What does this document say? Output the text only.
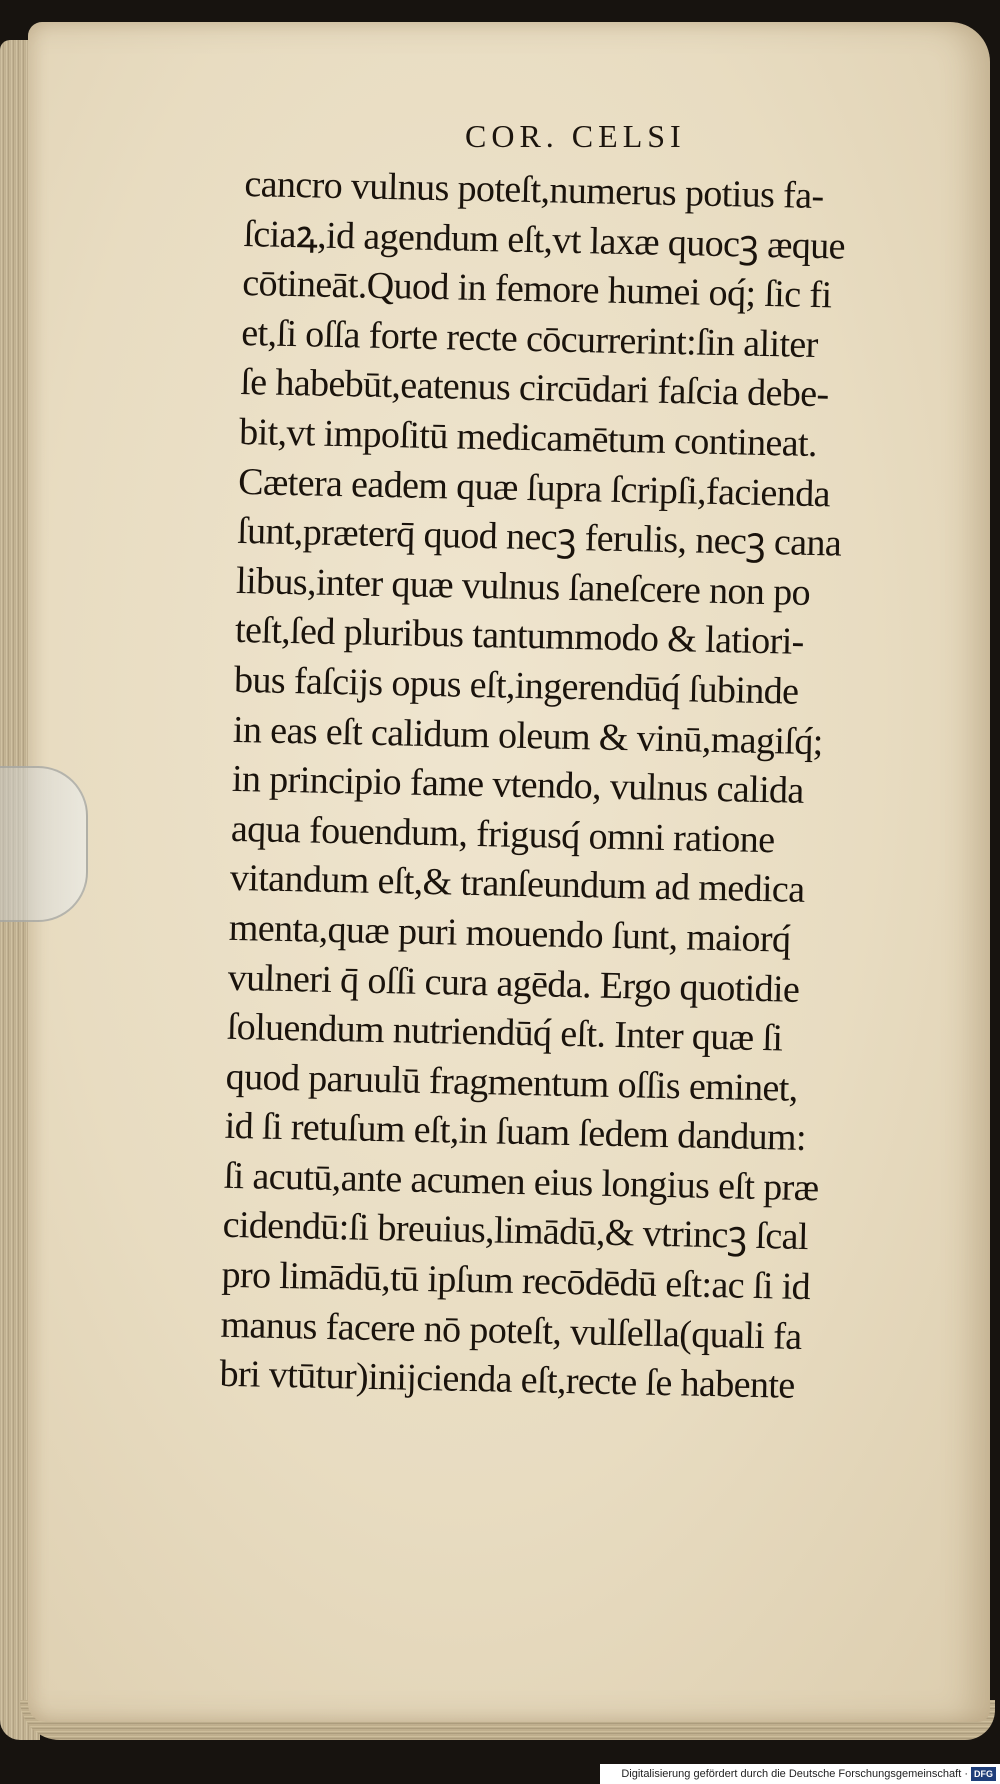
COR. CELSI
cancro vulnus poteſt,numerus potius fa-
ſciaꝝ,id agendum eſt,vt laxæ quocꝫ æque
cōtineāt.Quod in femore humei oq́; ſic fi
et,ſi oſſa forte recte cōcurrerint:ſin aliter
ſe habebūt,eatenus circūdari faſcia debe-
bit,vt impoſitū medicamētum contineat.
Cætera eadem quæ ſupra ſcripſi,facienda
ſunt,prӕterq̄ quod necꝫ ferulis, necꝫ cana
libus,inter quæ vulnus ſaneſcere non po
teſt,ſed pluribus tantummodo & latiori-
bus faſcijs opus eſt,ingerendūq́ ſubinde
in eas eſt calidum oleum & vinū,magiſq́;
in principio fame vtendo, vulnus calida
aqua fouendum, frigusq́ omni ratione
vitandum eſt,& tranſeundum ad medica
menta,quæ puri mouendo ſunt, maiorq́
vulneri q̄ oſſi cura agēda. Ergo quotidie
ſoluendum nutriendūq́ eſt. Inter quæ ſi
quod paruulū fragmentum oſſis eminet,
id ſi retuſum eſt,in ſuam ſedem dandum:
ſi acutū,ante acumen eius longius eſt præ
cidendū:ſi breuius,limādū,& vtrincꝫ ſcal
pro limādū,tū ipſum recōdēdū eſt:ac ſi id
manus facere nō poteſt, vulſella(quali fa
bri vtūtur)inijcienda eſt,recte ſe habente
Digitalisierung gefördert durch die Deutsche Forschungsgemeinschaft · DFG
